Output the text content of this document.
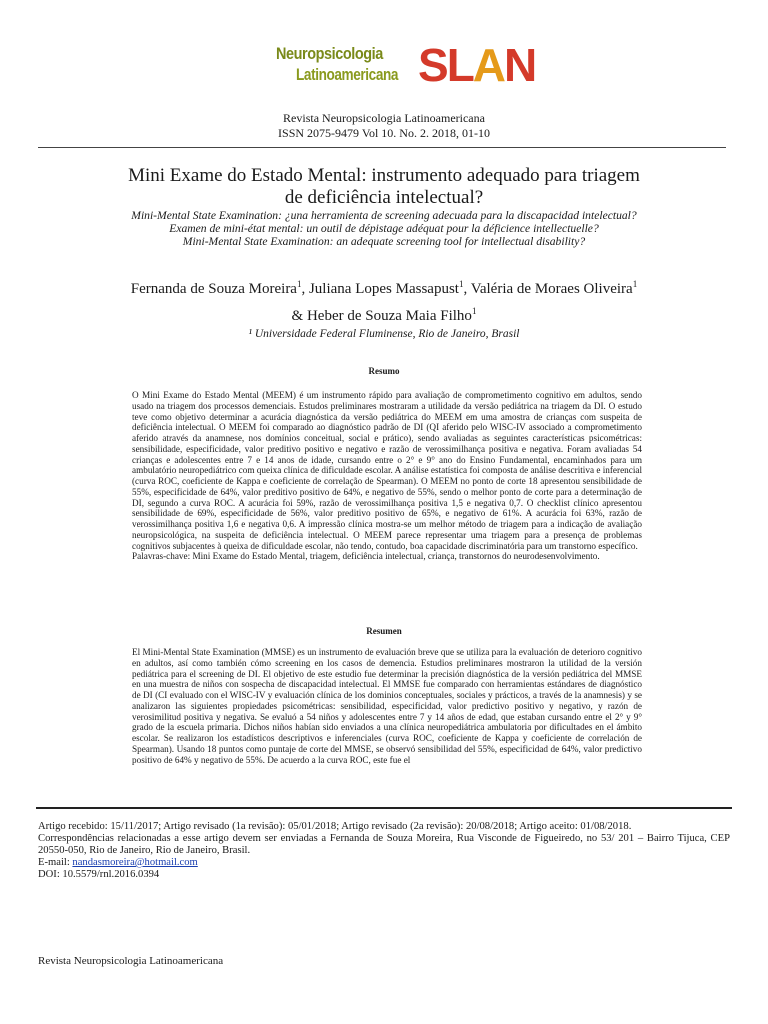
Neuropsicologia
Latinoamericana SLAN
Revista Neuropsicologia Latinoamericana
ISSN 2075-9479 Vol 10. No. 2. 2018, 01-10
Mini Exame do Estado Mental: instrumento adequado para triagem
de deficiência intelectual?
Mini-Mental State Examination: ¿una herramienta de screening adecuada para la discapacidad intelectual?
Examen de mini-état mental: un outil de dépistage adéquat pour la déficience intellectuelle?
Mini-Mental State Examination: an adequate screening tool for intellectual disability?
Fernanda de Souza Moreira$^1$, Juliana Lopes Massapust$^1$, Valéria de Moraes Oliveira$^1$
& Heber de Souza Maia Filho$^1$
¹ Universidade Federal Fluminense, Rio de Janeiro, Brasil
Resumo

O Mini Exame do Estado Mental (MEEM) é um instrumento rápido para avaliação de comprometimento cognitivo em adultos, sendo usado na triagem dos processos demenciais. Estudos preliminares mostraram a utilidade da versão pediátrica na triagem da DI. O estudo teve como objetivo determinar a acurácia diagnóstica da versão pediátrica do MEEM em uma amostra de crianças com suspeita de deficiência intelectual. O MEEM foi comparado ao diagnóstico padrão de DI (QI aferido pelo WISC-IV associado a comprometimento aferido através da anamnese, nos domínios conceitual, social e prático), sendo avaliadas as seguintes características psicométricas: sensibilidade, especificidade, valor preditivo positivo e negativo e razão de verossimilhança positiva e negativa. Foram avaliadas 54 crianças e adolescentes entre 7 e 14 anos de idade, cursando entre o 2° e 9° ano do Ensino Fundamental, encaminhados para um ambulatório neuropediátrico com queixa clínica de dificuldade escolar. A análise estatística foi composta de análise descritiva e inferencial (curva ROC, coeficiente de Kappa e coeficiente de correlação de Spearman). O MEEM no ponto de corte 18 apresentou sensibilidade de 55%, especificidade de 64%, valor preditivo positivo de 64%, e negativo de 55%, sendo o melhor ponto de corte para a determinação de DI, segundo a curva ROC. A acurácia foi 59%, razão de verossimilhança positiva 1,5 e negativa 0,7. O checklist clínico apresentou sensibilidade de 69%, especificidade de 56%, valor preditivo positivo de 65%, e negativo de 61%. A acurácia foi 63%, razão de verossimilhança positiva 1,6 e negativa 0,6. A impressão clínica mostra-se um melhor método de triagem para a indicação de avaliação neuropsicológica, na suspeita de deficiência intelectual. O MEEM parece representar uma triagem para a presença de problemas cognitivos subjacentes à queixa de dificuldade escolar, não tendo, contudo, boa capacidade discriminatória para um transtorno específico.

Palavras-chave: Mini Exame do Estado Mental, triagem, deficiência intelectual, criança, transtornos do neurodesenvolvimento.

Resumen

El Mini-Mental State Examination (MMSE) es un instrumento de evaluación breve que se utiliza para la evaluación de deterioro cognitivo en adultos, así como también cómo screening en los casos de demencia. Estudios preliminares mostraron la utilidad de la versión pediátrica para el screening de DI. El objetivo de este estudio fue determinar la precisión diagnóstica de la versión pediátrica del MMSE en una muestra de niños con sospecha de discapacidad intelectual. El MMSE fue comparado con herramientas estándares de diagnóstico de DI (CI evaluado con el WISC-IV y evaluación clínica de los dominios conceptuales, sociales y prácticos, a través de la anamnesis) y se analizaron las siguientes propiedades psicométricas: sensibilidad, especificidad, valor predictivo positivo y negativo, y razón de verosimilitud positiva y negativa. Se evaluó a 54 niños y adolescentes entre 7 y 14 años de edad, que estaban cursando entre el 2° y 9° grado de la escuela primaria. Dichos niños habían sido enviados a una clínica neuropediátrica ambulatoria por dificultades en el ámbito escolar. Se realizaron los estadísticos descriptivos e inferenciales (curva ROC, coeficiente de Kappa y coeficiente de correlación de Spearman). Usando 18 puntos como puntaje de corte del MMSE, se observó sensibilidad del 55%, especificidad de 64%, valor predictivo positivo de 64% y negativo de 55%. De acuerdo a la curva ROC, este fue el

Artigo recebido: 15/11/2017; Artigo revisado (1a revisão): 05/01/2018; Artigo revisado (2a revisão): 20/08/2018; Artigo aceito: 01/08/2018.

Correspondências relacionadas a esse artigo devem ser enviadas a Fernanda de Souza Moreira, Rua Visconde de Figueiredo, no 53/ 201 – Bairro Tijuca, CEP 20550-050, Rio de Janeiro, Rio de Janeiro, Brasil.

E-mail: nandasmoreira@hotmail.com

DOI: 10.5579/rnl.2016.0394

Revista Neuropsicologia Latinoamericana
